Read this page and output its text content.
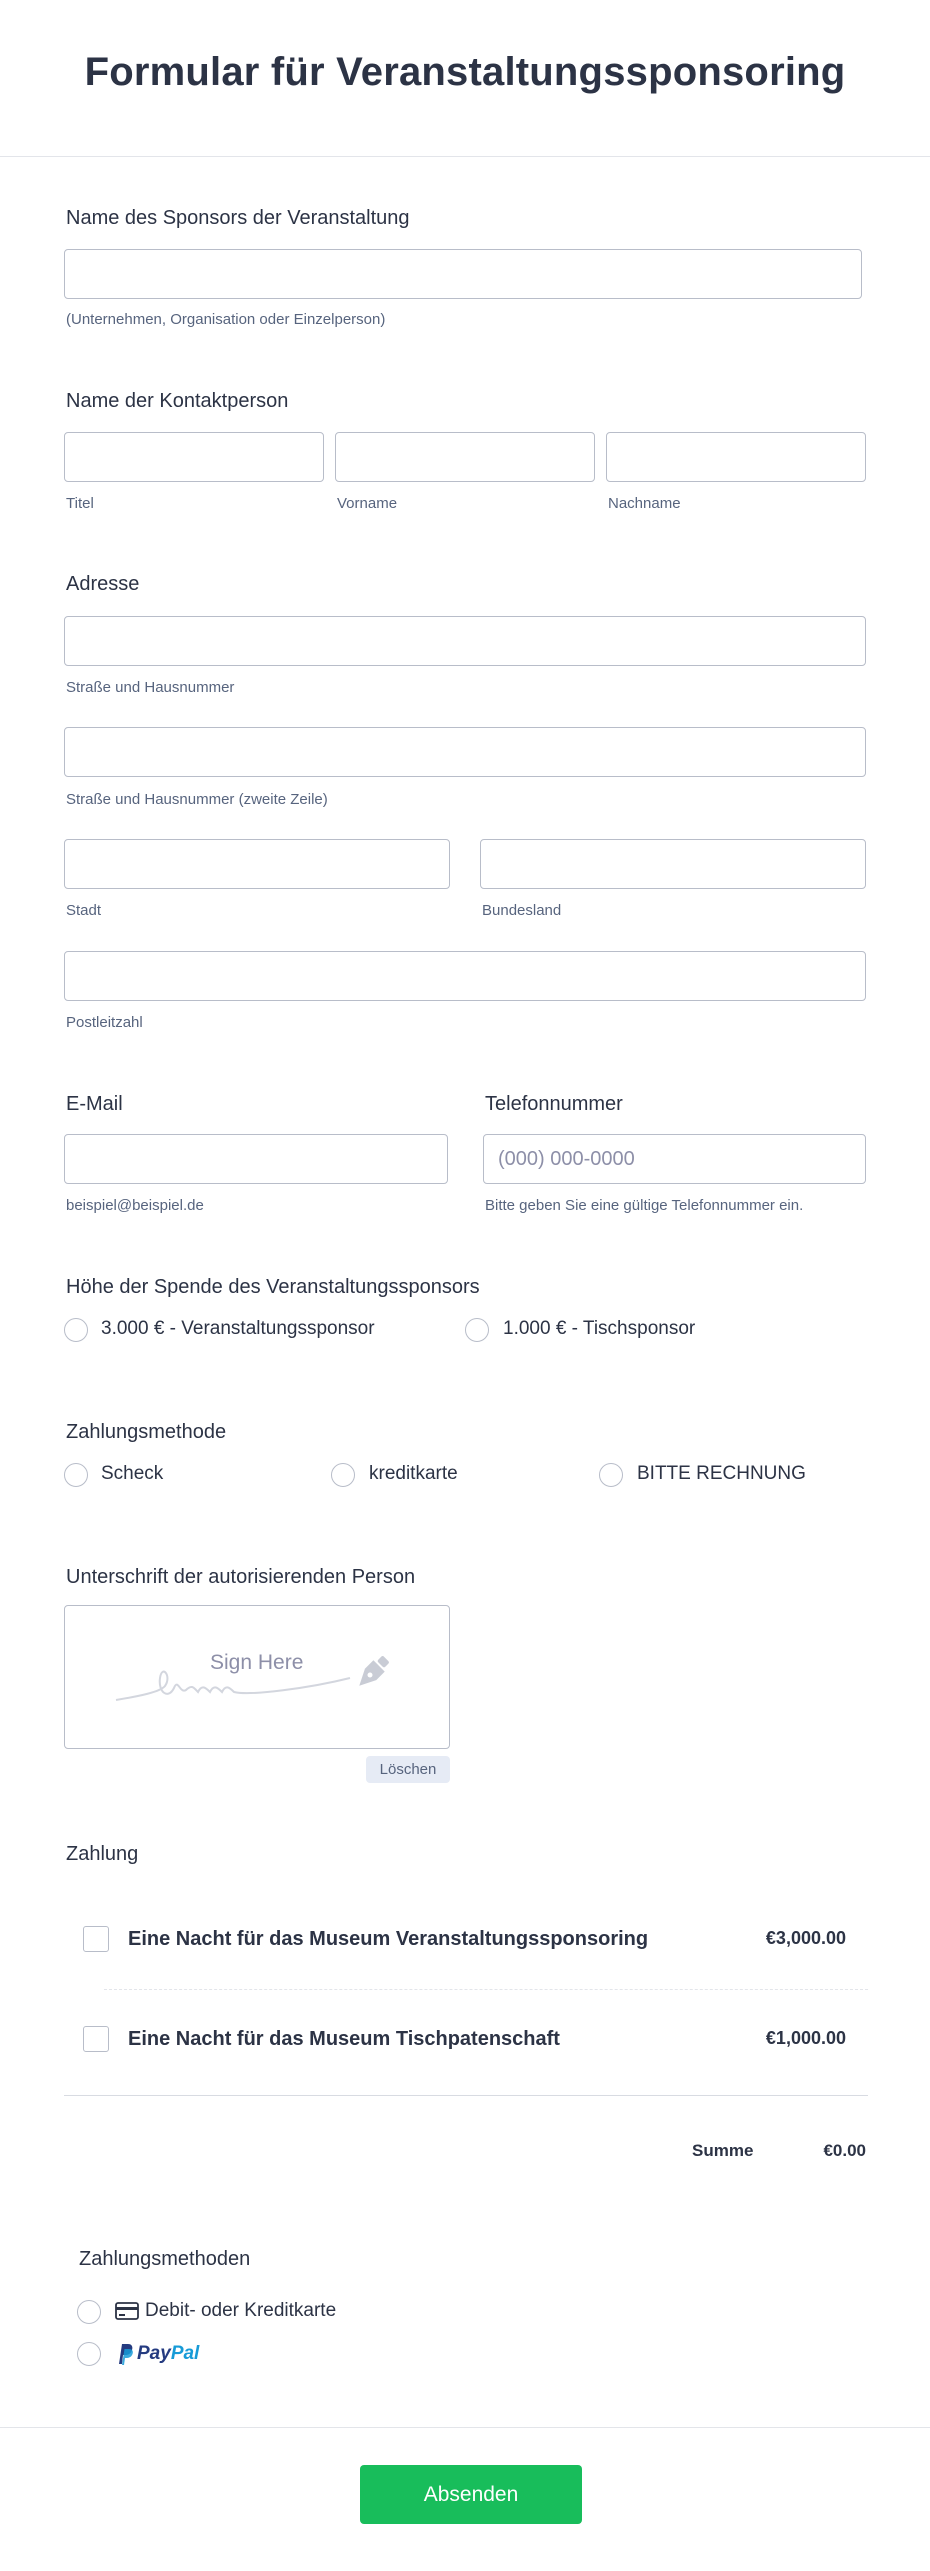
Formular für Veranstaltungssponsoring
Name des Sponsors der Veranstaltung
(Unternehmen, Organisation oder Einzelperson)
Name der Kontaktperson
Titel	Vorname	Nachname
Adresse
Straße und Hausnummer
Straße und Hausnummer (zweite Zeile)
Stadt	Bundesland
Postleitzahl
E-Mail	Telefonnummer
(000) 000-0000
beispiel@beispiel.de	Bitte geben Sie eine gültige Telefonnummer ein.
Höhe der Spende des Veranstaltungssponsors
3.000 € - Veranstaltungssponsor	1.000 € - Tischsponsor
Zahlungsmethode
Scheck	kreditkarte	BITTE RECHNUNG
Unterschrift der autorisierenden Person
Sign Here
Löschen
Zahlung
Eine Nacht für das Museum Veranstaltungssponsoring	€3,000.00
Eine Nacht für das Museum Tischpatenschaft	€1,000.00
Summe	€0.00
Zahlungsmethoden
Debit- oder Kreditkarte
PayPal
Absenden
